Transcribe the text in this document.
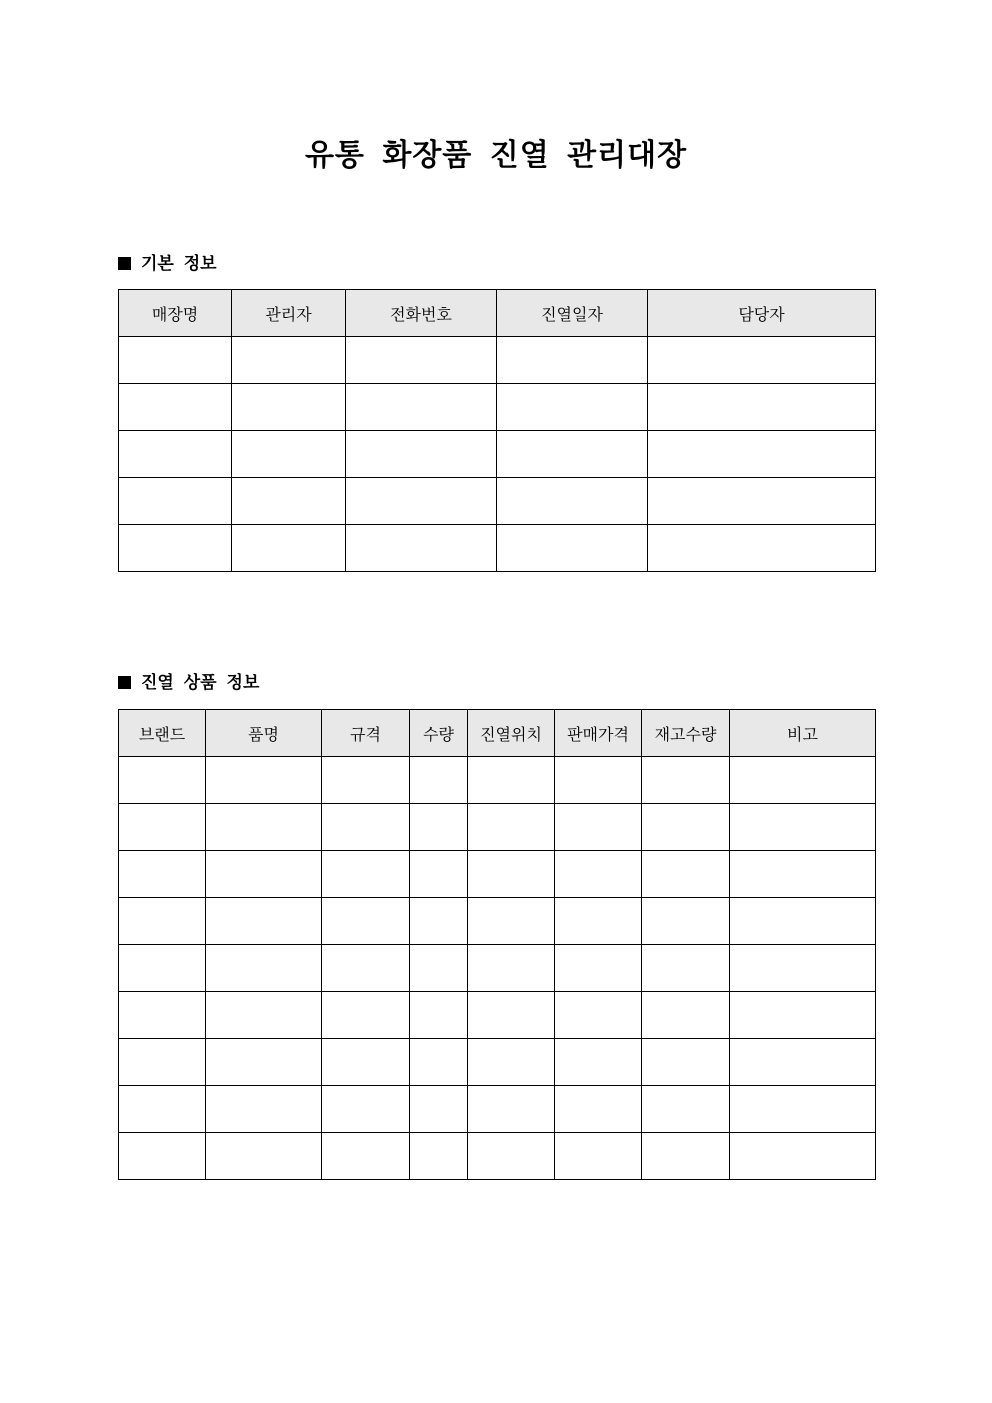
유통 화장품 진열 관리대장
기본 정보
매장명	관리자	전화번호	진열일자	담당자

진열 상품 정보
브랜드	품명	규격	수량	진열위치	판매가격	재고수량	비고
